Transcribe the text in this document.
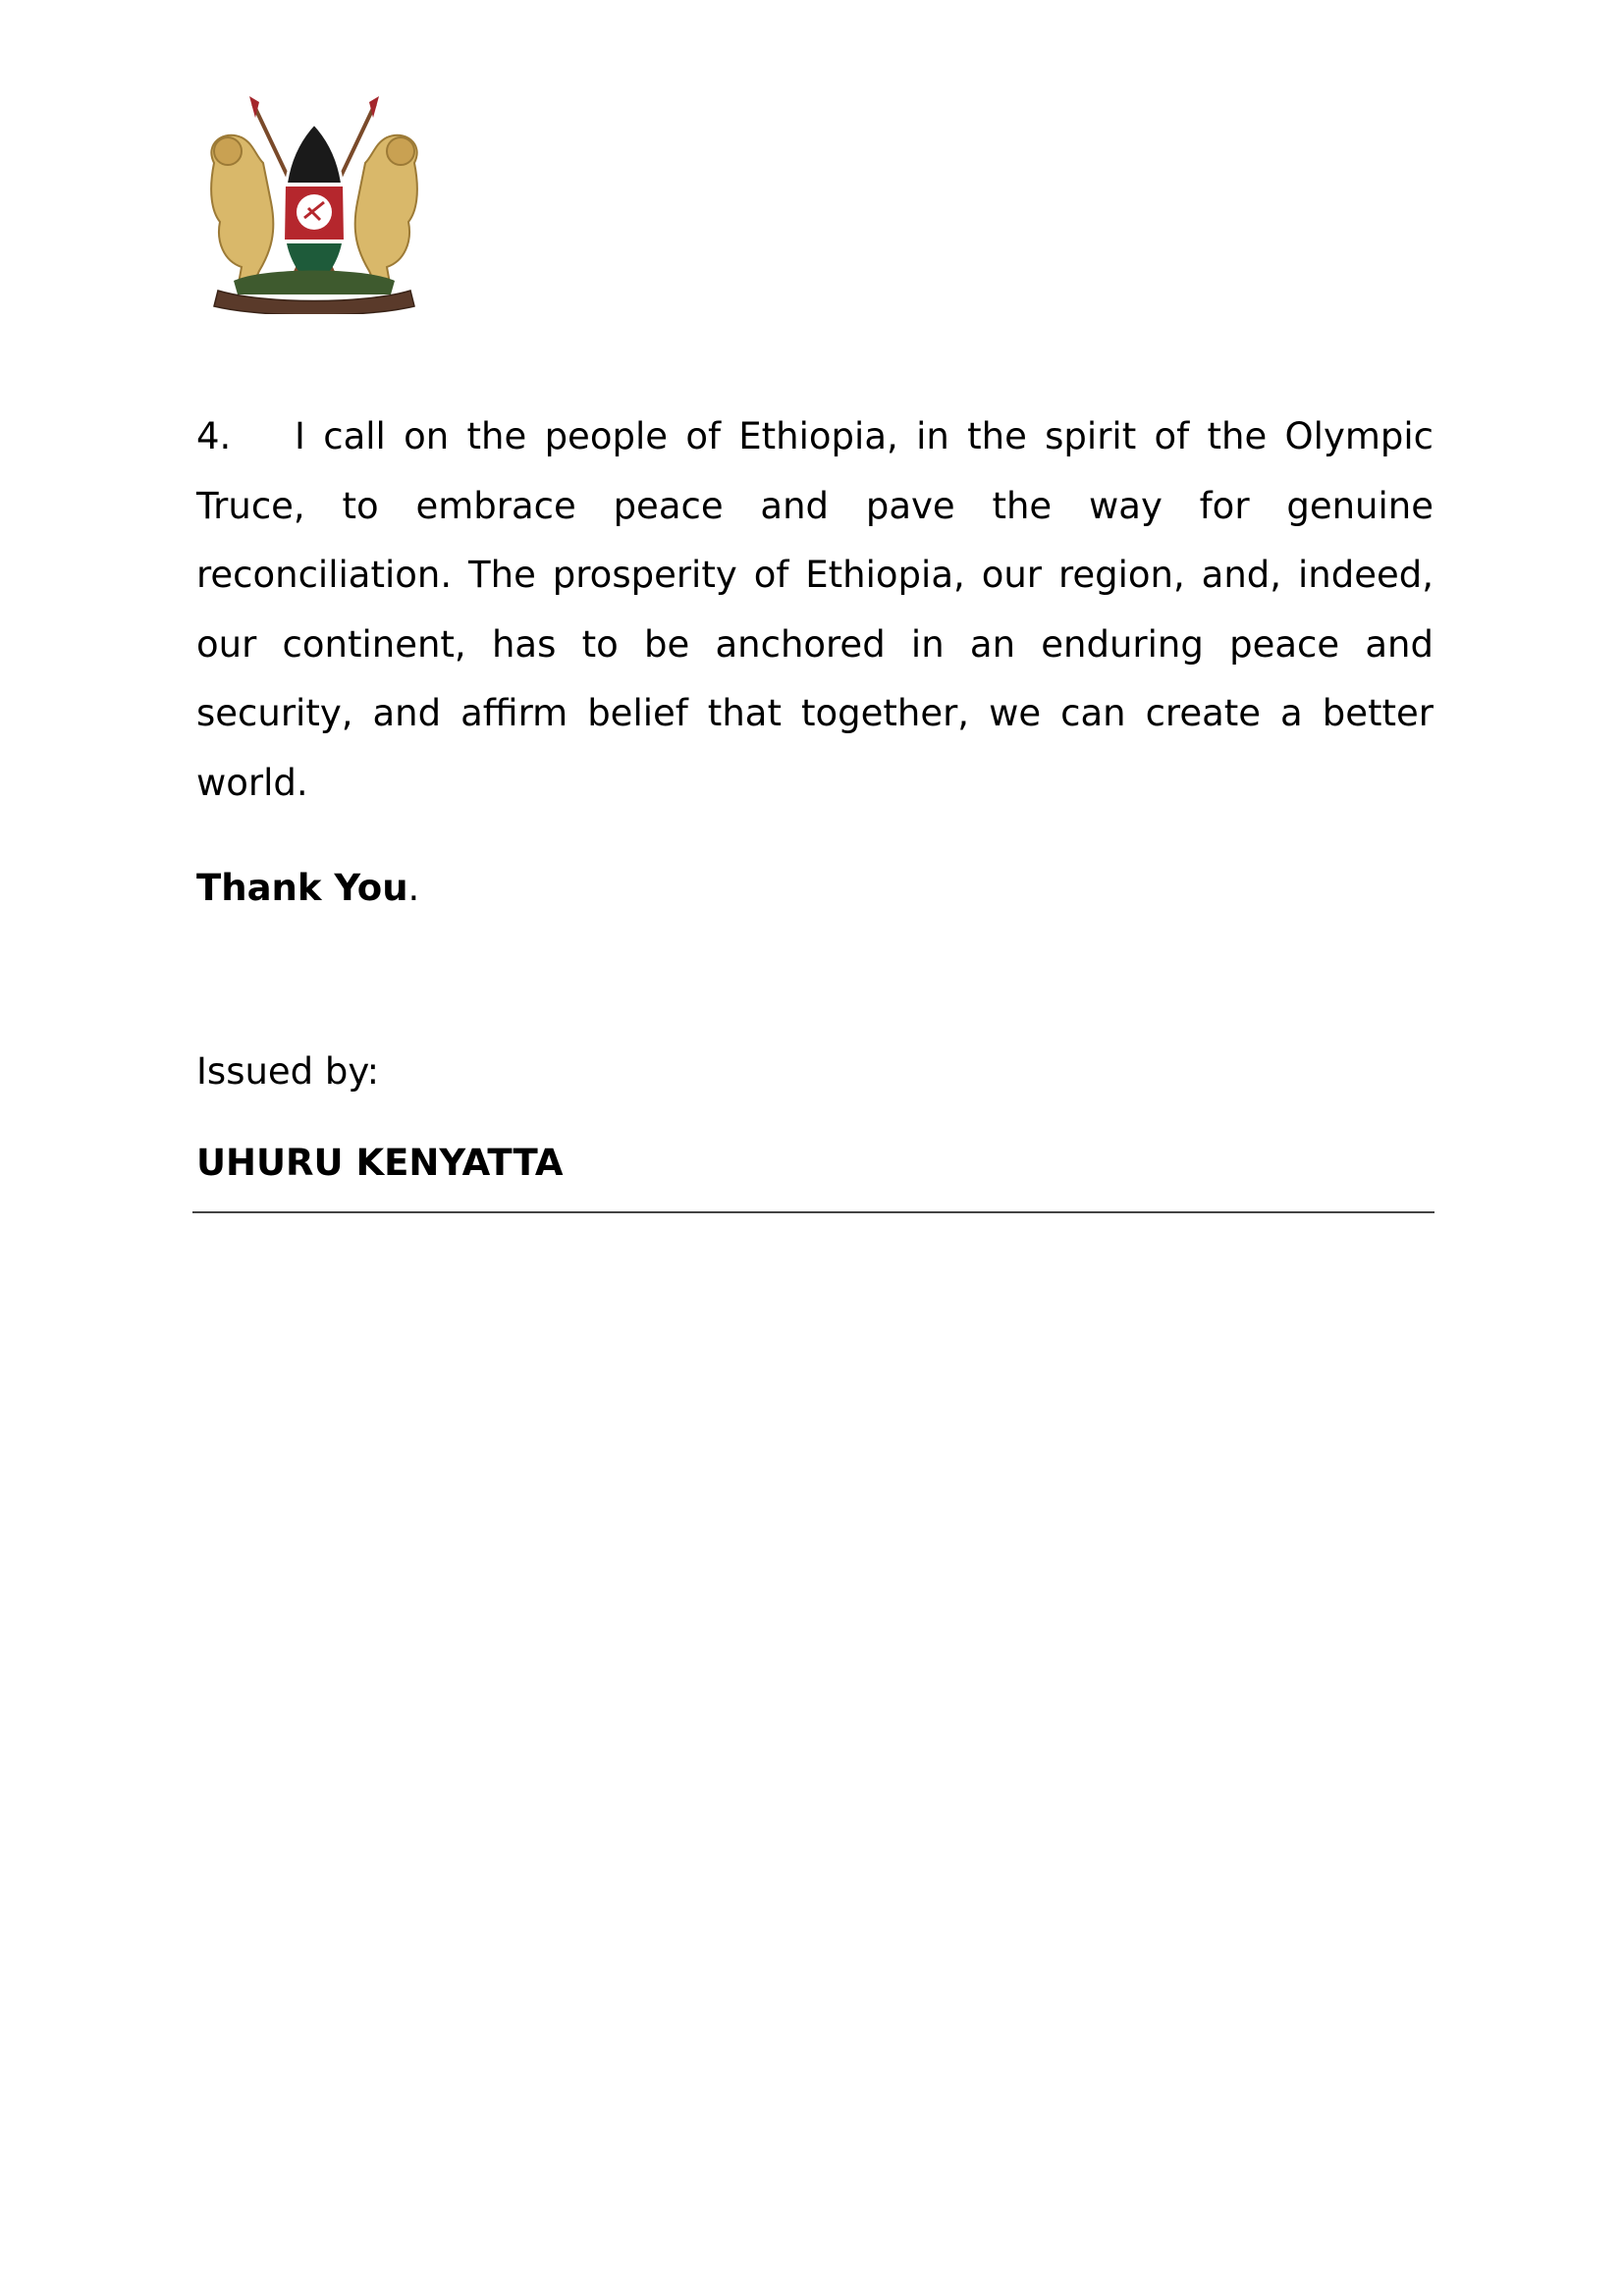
4. I call on the people of Ethiopia, in the spirit of the Olympic Truce, to embrace peace and pave the way for genuine reconciliation. The prosperity of Ethiopia, our region, and, indeed, our continent, has to be anchored in an enduring peace and security, and affirm belief that together, we can create a better world.
Thank You.
Issued by:
UHURU KENYATTA
